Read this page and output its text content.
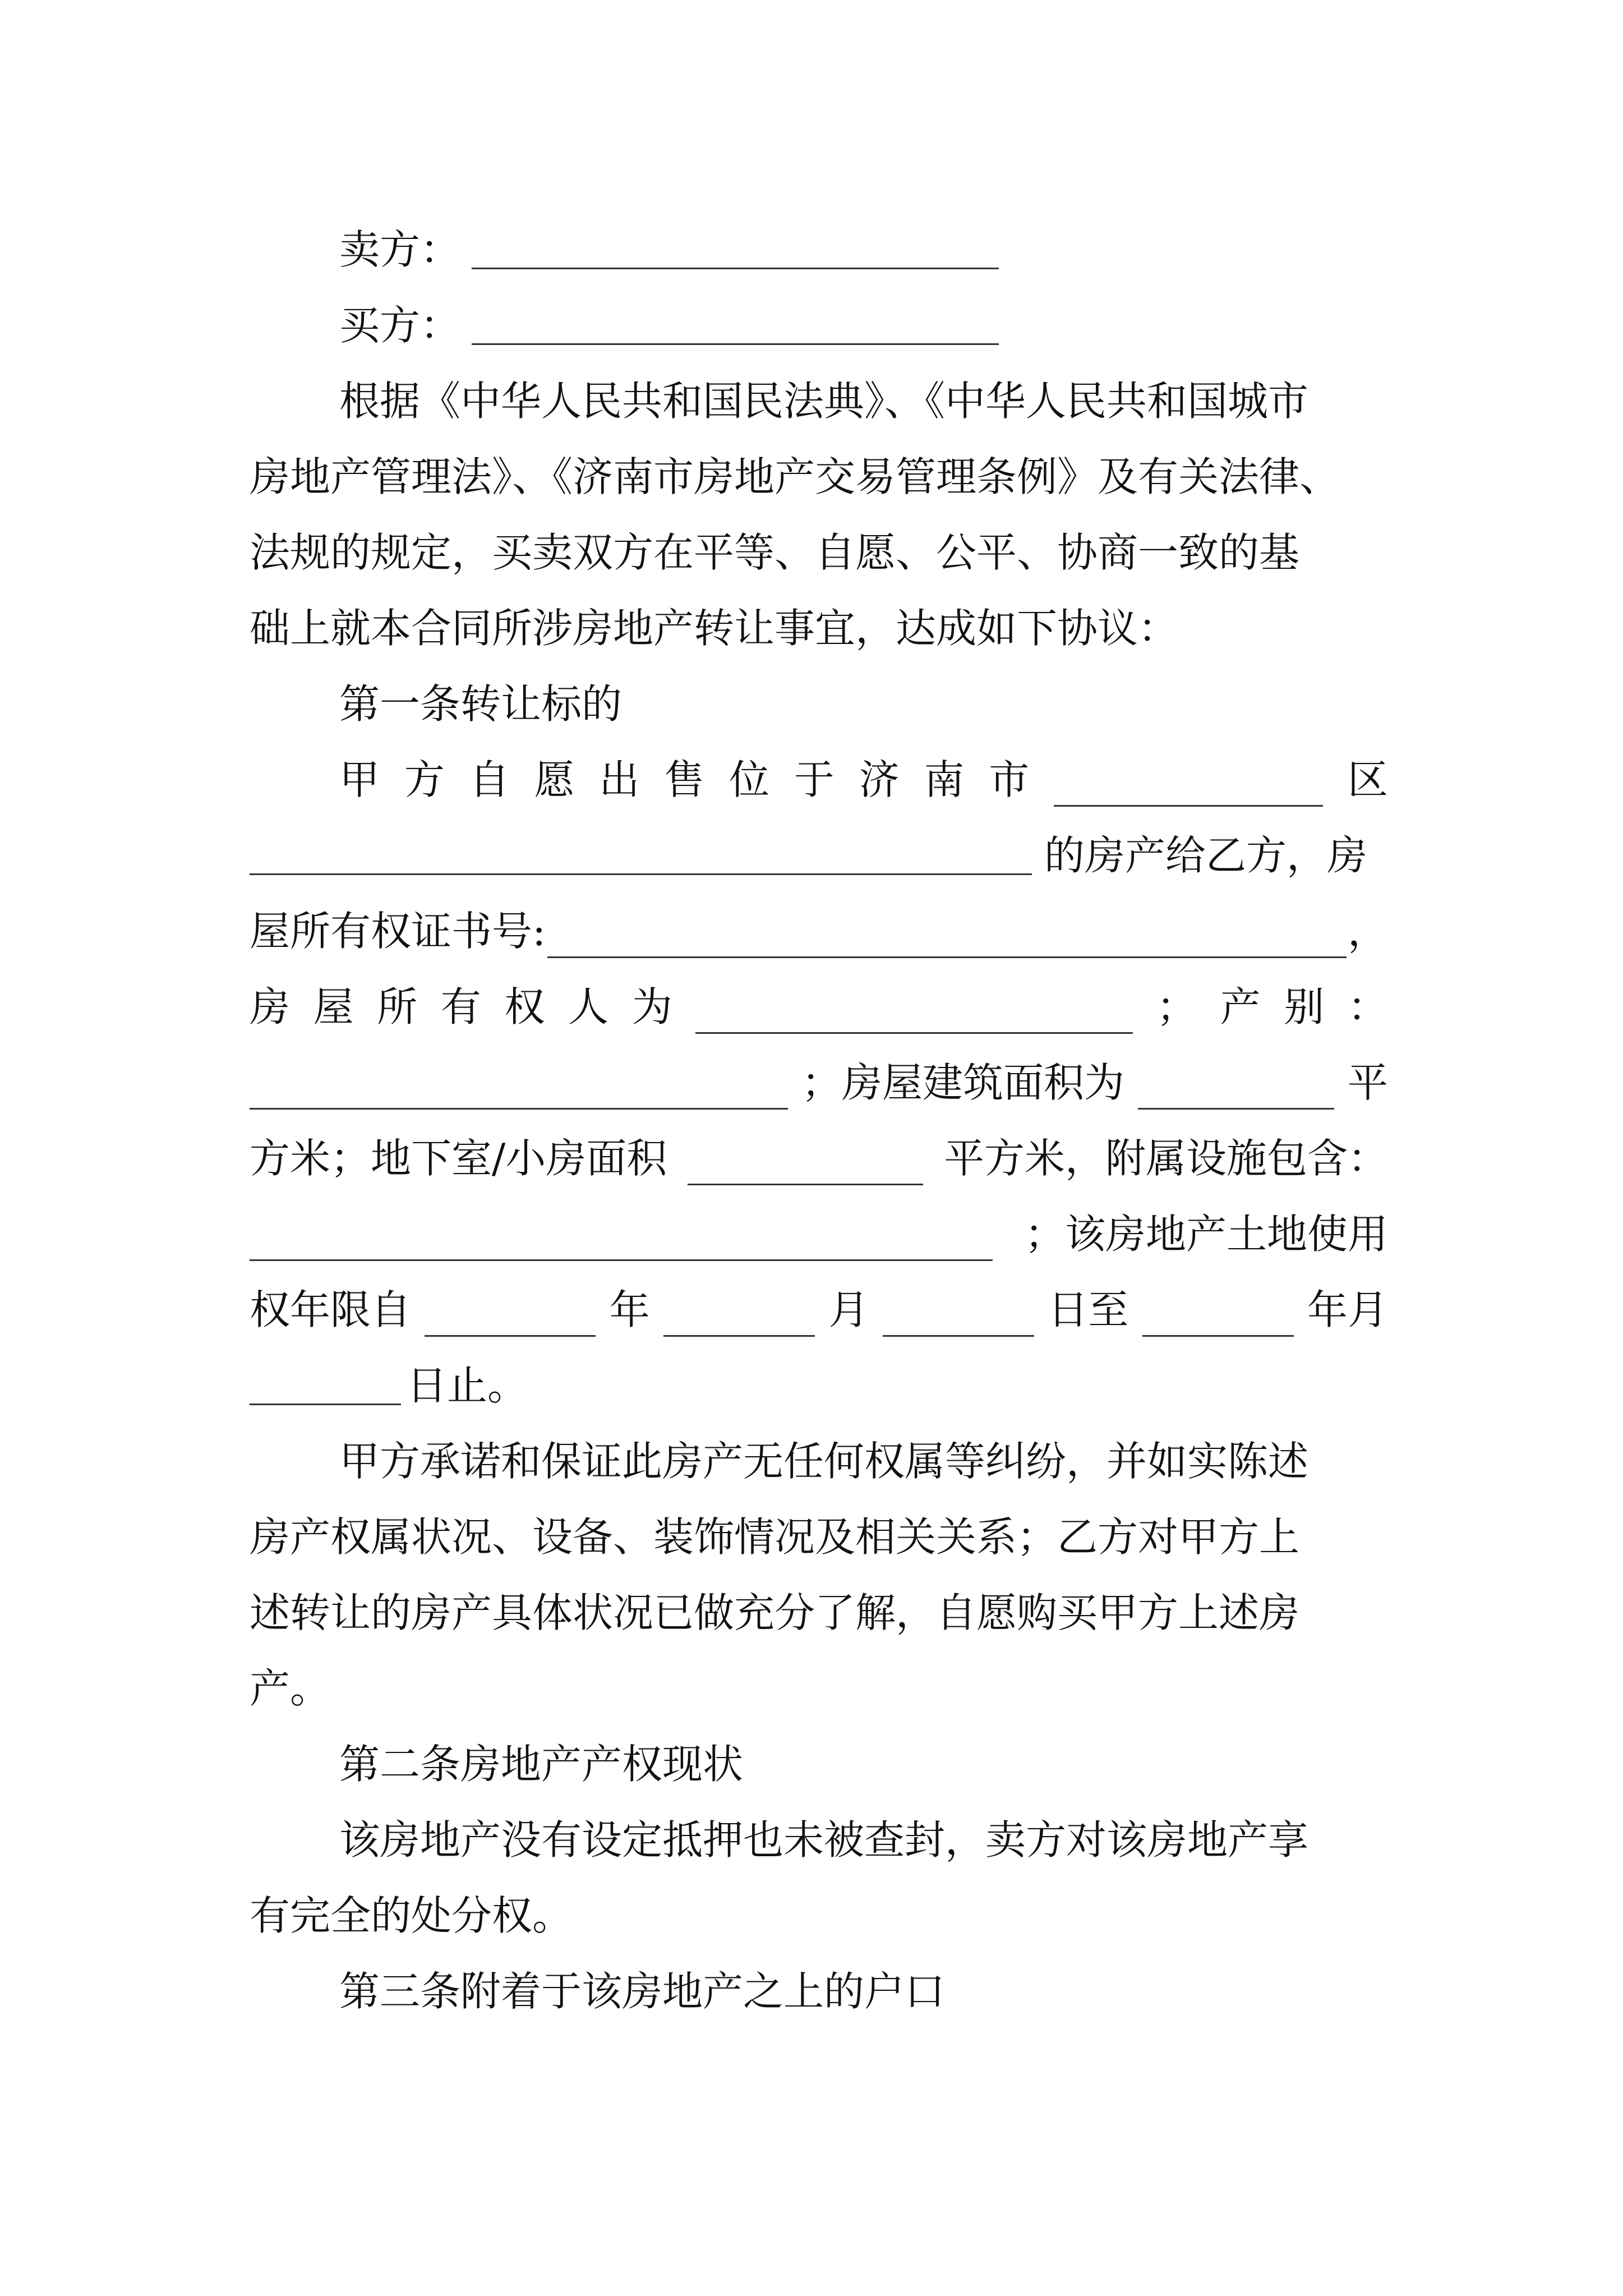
卖方：
买方：
根据《中华人民共和国民法典》、《中华人民共和国城市
房地产管理法》、《济南市房地产交易管理条例》及有关法律、
法规的规定，买卖双方在平等、自愿、公平、协商一致的基
础上就本合同所涉房地产转让事宜，达成如下协议：
第一条转让标的
甲 方 自 愿 出 售 位 于 济 南 市	区
的房产给乙方，房
屋所有权证书号:	，
房 屋 所 有 权 人 为	； 产 别 ：
；房屋建筑面积为	平
方米；地下室/小房面积	平方米，附属设施包含：
；该房地产土地使用
权年限自	年	月	日至	年月
日止。
甲方承诺和保证此房产无任何权属等纠纷，并如实陈述
房产权属状况、设备、装饰情况及相关关系；乙方对甲方上
述转让的房产具体状况已做充分了解，自愿购买甲方上述房
产。
第二条房地产产权现状
该房地产没有设定抵押也未被查封，卖方对该房地产享
有完全的处分权。
第三条附着于该房地产之上的户口
